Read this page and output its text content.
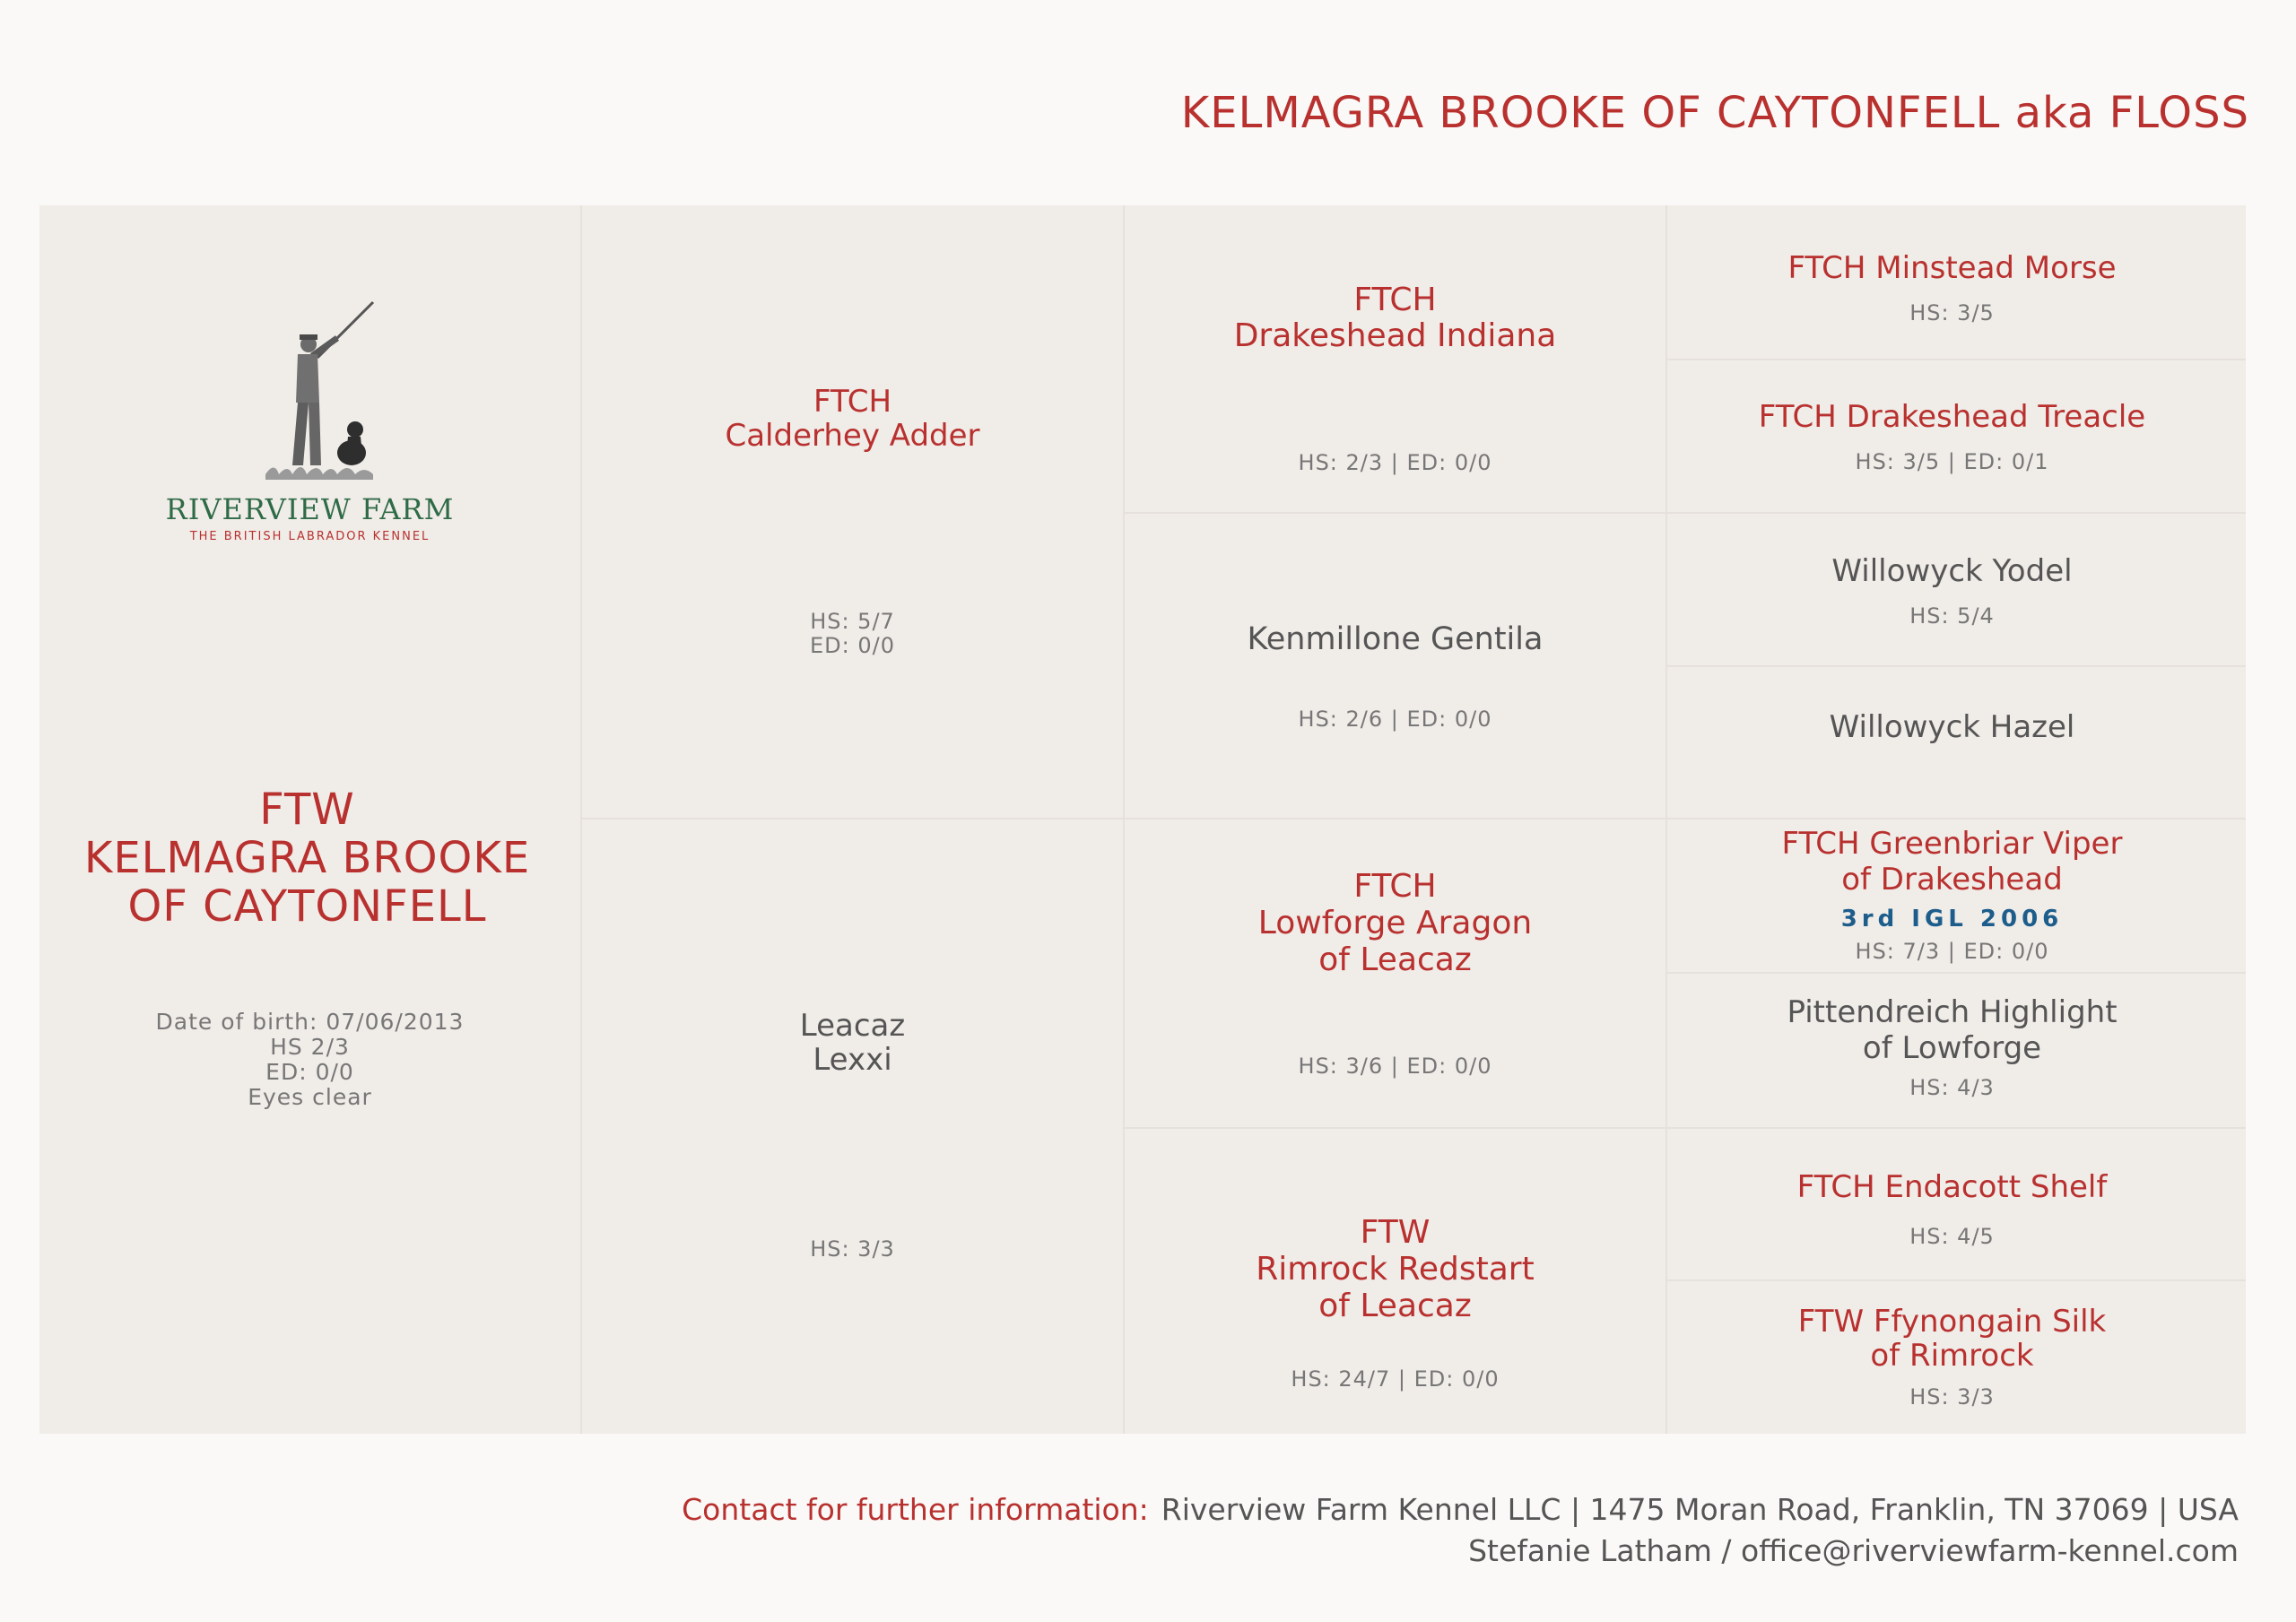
KELMAGRA BROOKE OF CAYTONFELL aka FLOSS
RIVERVIEW FARM
THE BRITISH LABRADOR KENNEL
FTW
KELMAGRA BROOKE
OF CAYTONFELL
Date of birth: 07/06/2013
HS 2/3
ED: 0/0
Eyes clear
FTCH
Calderhey Adder
HS: 5/7
ED: 0/0
Leacaz
Lexxi
HS: 3/3
FTCH
Drakeshead Indiana
HS: 2/3 | ED: 0/0
Kenmillone Gentila
HS: 2/6 | ED: 0/0
FTCH
Lowforge Aragon
of Leacaz
HS: 3/6 | ED: 0/0
FTW
Rimrock Redstart
of Leacaz
HS: 24/7 | ED: 0/0
FTCH Minstead Morse
HS: 3/5
FTCH Drakeshead Treacle
HS: 3/5 | ED: 0/1
Willowyck Yodel
HS: 5/4
Willowyck Hazel
FTCH Greenbriar Viper
of Drakeshead
3rd IGL 2006
HS: 7/3 | ED: 0/0
Pittendreich Highlight
of Lowforge
HS: 4/3
FTCH Endacott Shelf
HS: 4/5
FTW Ffynongain Silk
of Rimrock
HS: 3/3
Contact for further information: Riverview Farm Kennel LLC | 1475 Moran Road, Franklin, TN 37069 | USA
Stefanie Latham / office@riverviewfarm-kennel.com
